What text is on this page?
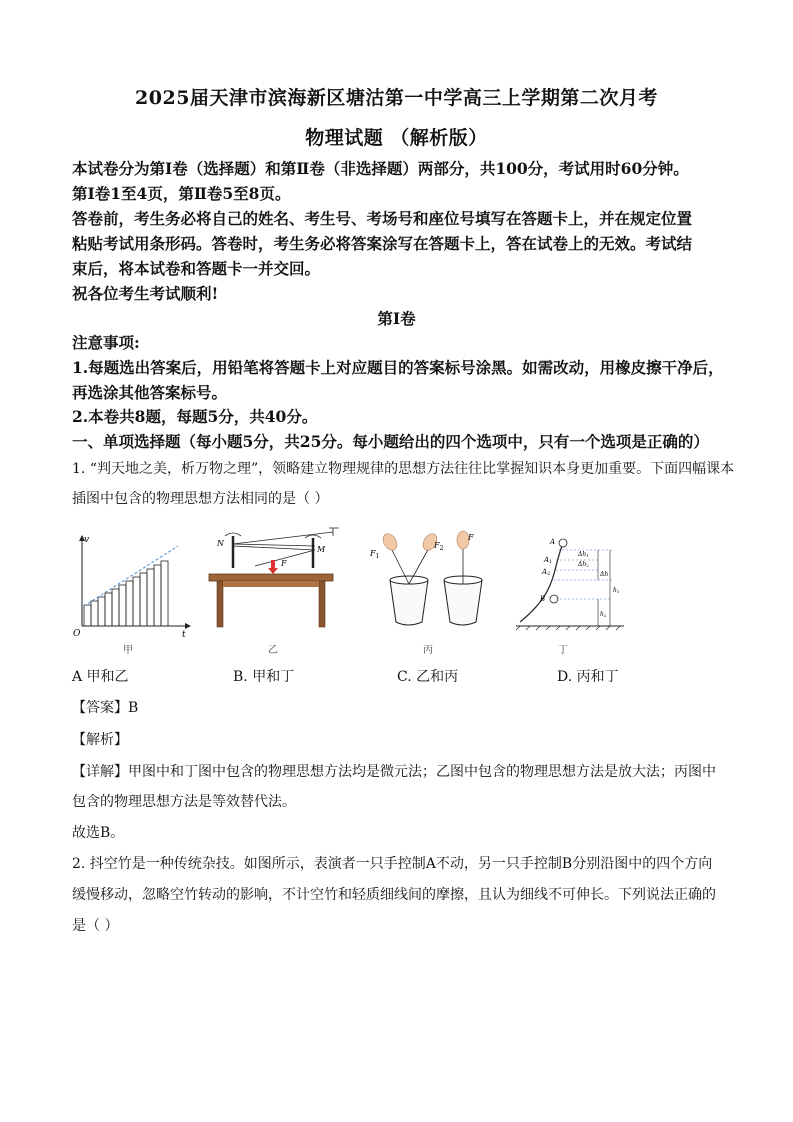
2025届天津市滨海新区塘沽第一中学高三上学期第二次月考
物理试题 （解析版）
本试卷分为第Ⅰ卷（选择题）和第Ⅱ卷（非选择题）两部分，共100分，考试用时60分钟。
第Ⅰ卷1至4页，第Ⅱ卷5至8页。
答卷前，考生务必将自己的姓名、考生号、考场号和座位号填写在答题卡上，并在规定位置
粘贴考试用条形码。答卷时，考生务必将答案涂写在答题卡上，答在试卷上的无效。考试结
束后，将本试卷和答题卡一并交回。
祝各位考生考试顺利!
第Ⅰ卷
注意事项:
1.每题选出答案后，用铅笔将答题卡上对应题目的答案标号涂黑。如需改动，用橡皮擦干净后，
再选涂其他答案标号。
2.本卷共8题，每题5分，共40分。
一、单项选择题（每小题5分，共25分。每小题给出的四个选项中，只有一个选项是正确的）
1. “判天地之美，析万物之理”，领略建立物理规律的思想方法往往比掌握知识本身更加重要。下面四幅课本
插图中包含的物理思想方法相同的是（ ）
v
t
O
N
M
F
$F_1$
$F_2$
F	A
A1
A2
B
Δh1
Δh2
Δh
h1
h2
甲	乙	丙	丁
A 甲和乙	B. 甲和丁	C. 乙和丙	D. 丙和丁
【答案】B
【解析】
【详解】甲图中和丁图中包含的物理思想方法均是微元法；乙图中包含的物理思想方法是放大法；丙图中
包含的物理思想方法是等效替代法。
故选B。
2. 抖空竹是一种传统杂技。如图所示，表演者一只手控制A不动，另一只手控制B分别沿图中的四个方向
缓慢移动，忽略空竹转动的影响，不计空竹和轻质细线间的摩擦，且认为细线不可伸长。下列说法正确的
是（ ）
